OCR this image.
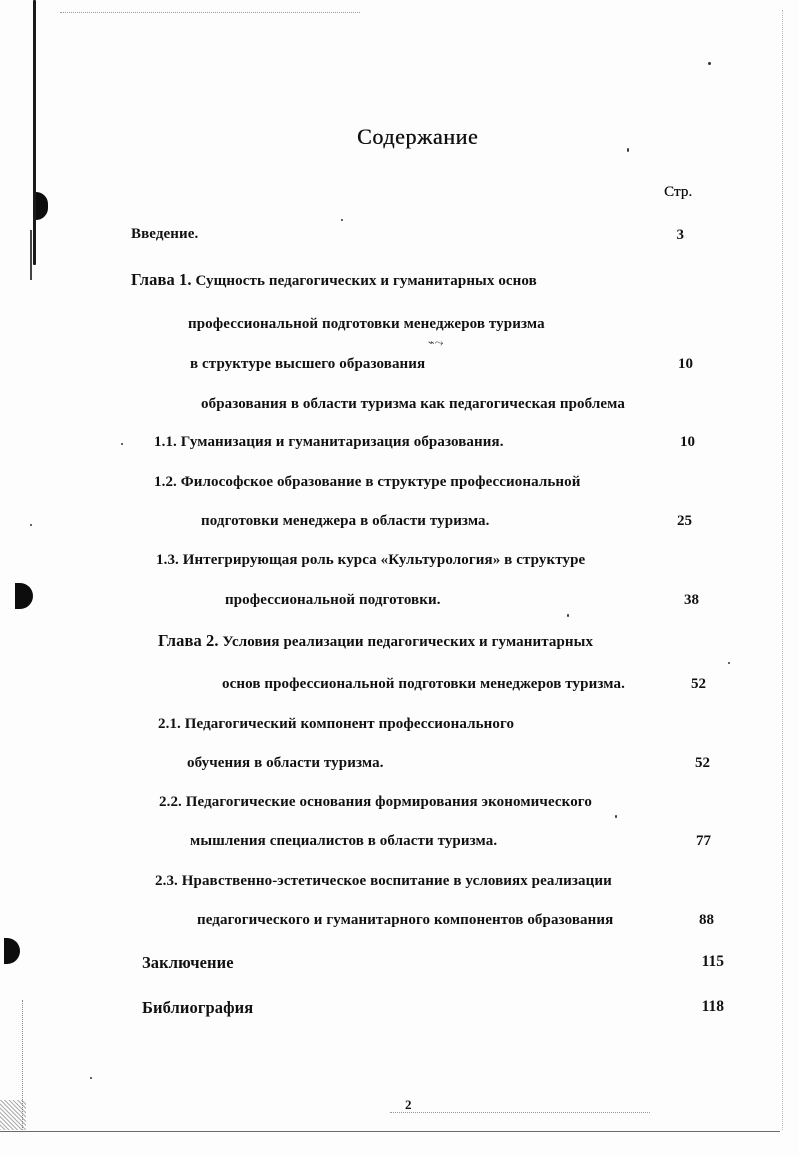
⌁⤳
Содержание
Стр.
Введение.	3
Глава 1. Сущность педагогических и гуманитарных основ
профессиональной подготовки менеджеров туризма
в структуре высшего образования	10
образования в области туризма как педагогическая проблема
1.1. Гуманизация и гуманитаризация образования.	10
1.2. Философское образование в структуре профессиональной
подготовки менеджера в области туризма.	25
1.3. Интегрирующая роль курса «Культурология» в структуре
профессиональной подготовки.	38
Глава 2. Условия реализации педагогических и гуманитарных
основ профессиональной подготовки менеджеров туризма.	52
2.1. Педагогический компонент профессионального
обучения в области туризма.	52
2.2. Педагогические основания формирования экономического
мышления специалистов в области туризма.	77
2.3. Нравственно-эстетическое воспитание в условиях реализации
педагогического и гуманитарного компонентов образования	88
Заключение	115
Библиография	118
2
